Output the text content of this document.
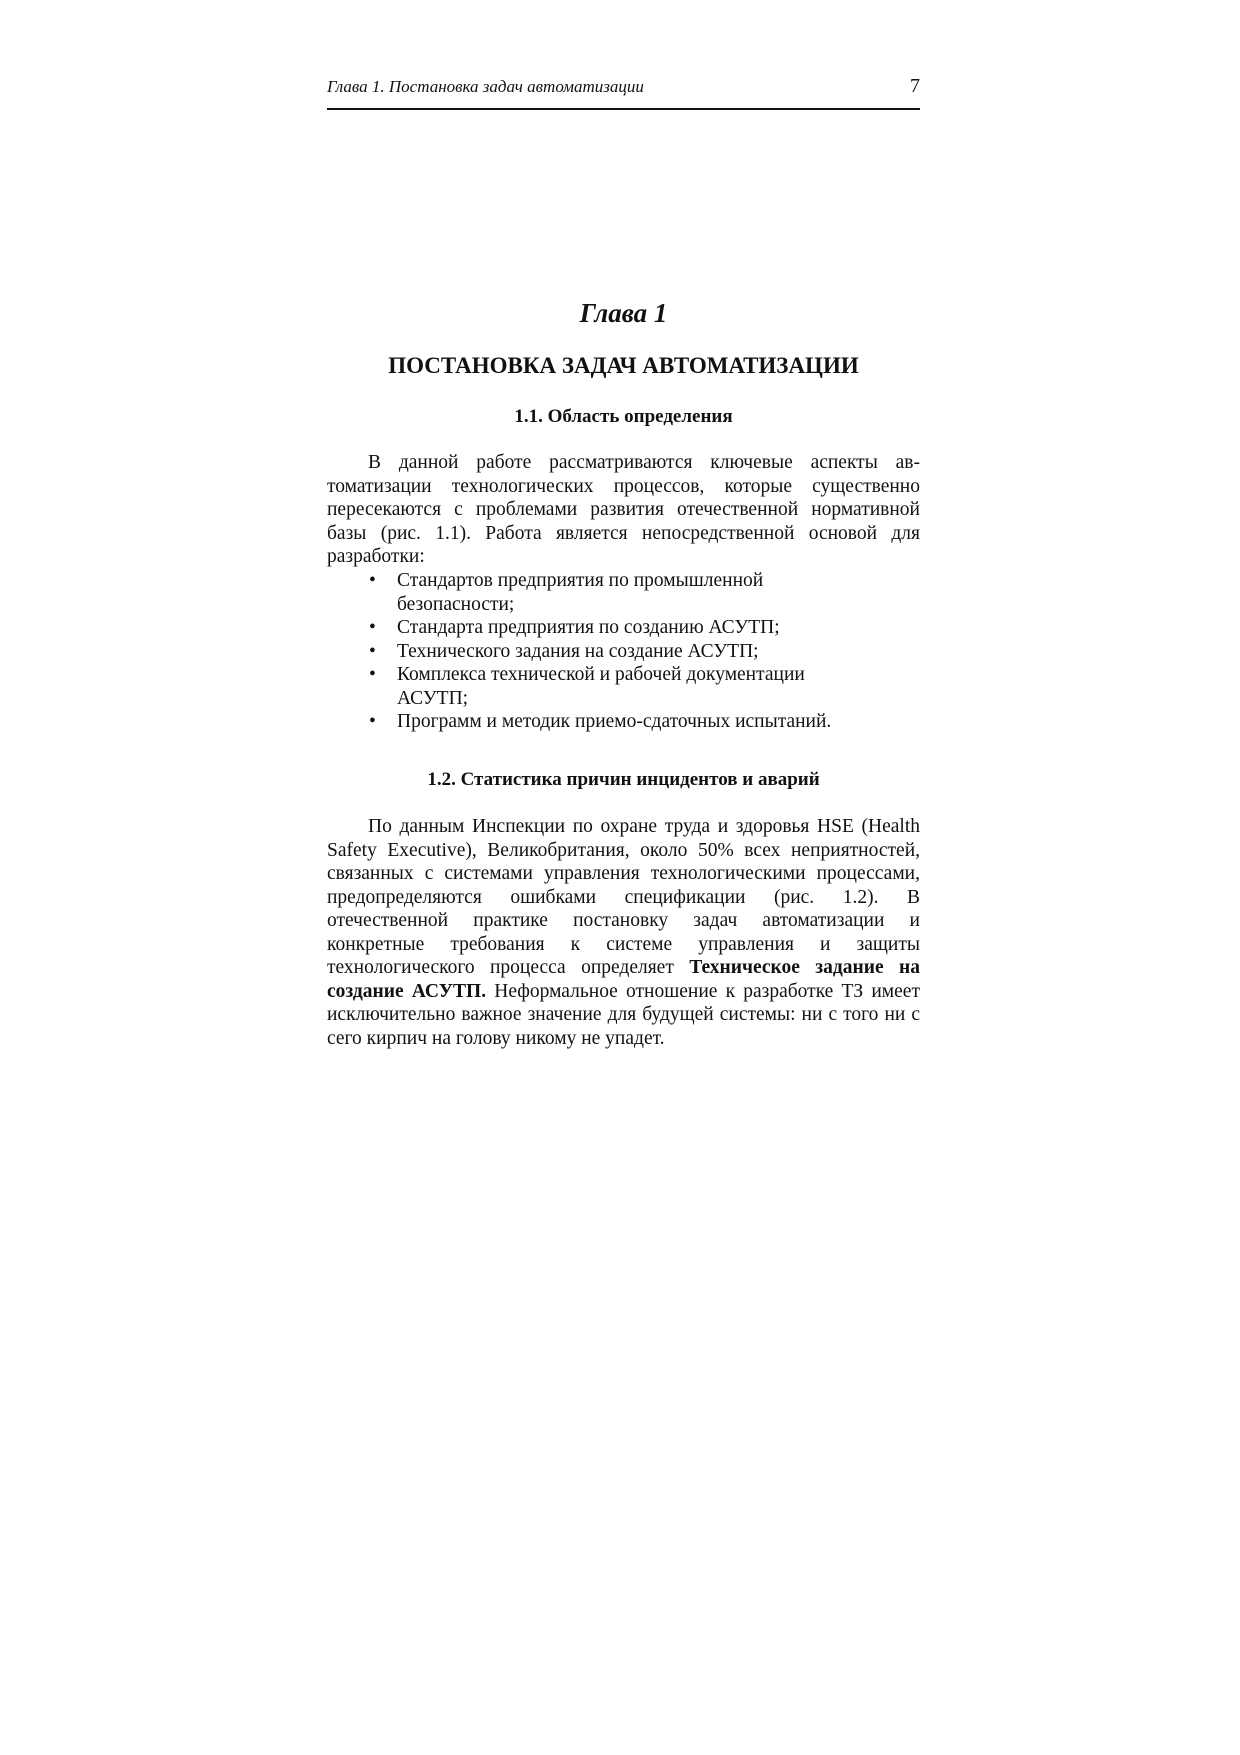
Глава 1. Постановка задач автоматизации	7
Глава 1
ПОСТАНОВКА ЗАДАЧ АВТОМАТИЗАЦИИ
1.1. Область определения

В данной работе рассматриваются ключевые аспекты автоматизации технологических процессов, которые существенно пересекаются с проблемами развития отечественной нормативной базы (рис. 1.1). Работа является непосредственной основой для разработки:

• Стандартов предприятия по промышленной безопасности;
• Стандарта предприятия по созданию АСУТП;
• Технического задания на создание АСУТП;
• Комплекса технической и рабочей документации АСУТП;
• Программ и методик приемо-сдаточных испытаний.
1.2. Статистика причин инцидентов и аварий

По данным Инспекции по охране труда и здоровья HSE (Health Safety Executive), Великобритания, около 50% всех неприятностей, связанных с системами управления технологическими процессами, предопределяются ошибками спецификации (рис. 1.2). В отечественной практике постановку задач автоматизации и конкретные требования к системе управления и защиты технологического процесса определяет Техническое задание на создание АСУТП. Неформальное отношение к разработке ТЗ имеет исключительно важное значение для будущей системы: ни с того ни с сего кирпич на голову никому не упадет.
